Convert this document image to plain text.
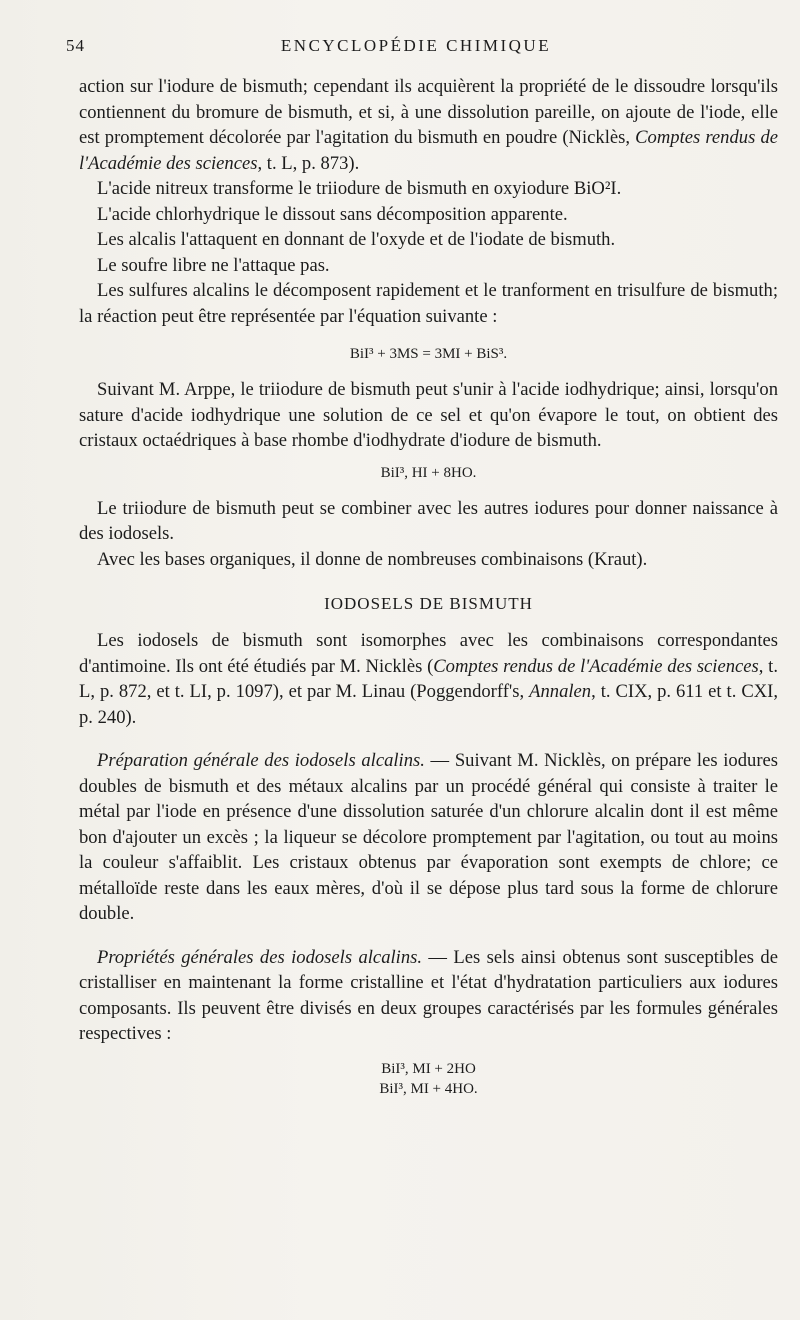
54	ENCYCLOPÉDIE CHIMIQUE

action sur l'iodure de bismuth; cependant ils acquièrent la propriété de le dissoudre lorsqu'ils contiennent du bromure de bismuth, et si, à une dissolution pareille, on ajoute de l'iode, elle est promptement décolorée par l'agitation du bismuth en poudre (Nicklès, Comptes rendus de l'Académie des sciences, t. L, p. 873).

L'acide nitreux transforme le triiodure de bismuth en oxyiodure BiO²I.

L'acide chlorhydrique le dissout sans décomposition apparente.

Les alcalis l'attaquent en donnant de l'oxyde et de l'iodate de bismuth.

Le soufre libre ne l'attaque pas.

Les sulfures alcalins le décomposent rapidement et le tranforment en trisulfure de bismuth; la réaction peut être représentée par l'équation suivante :

BiI³ + 3MS = 3MI + BiS³.

Suivant M. Arppe, le triiodure de bismuth peut s'unir à l'acide iodhydrique; ainsi, lorsqu'on sature d'acide iodhydrique une solution de ce sel et qu'on évapore le tout, on obtient des cristaux octaédriques à base rhombe d'iodhydrate d'iodure de bismuth.

BiI³, HI + 8HO.

Le triiodure de bismuth peut se combiner avec les autres iodures pour donner naissance à des iodosels.

Avec les bases organiques, il donne de nombreuses combinaisons (Kraut).

IODOSELS DE BISMUTH

Les iodosels de bismuth sont isomorphes avec les combinaisons correspondantes d'antimoine. Ils ont été étudiés par M. Nicklès (Comptes rendus de l'Académie des sciences, t. L, p. 872, et t. LI, p. 1097), et par M. Linau (Poggendorff's, Annalen, t. CIX, p. 611 et t. CXI, p. 240).

Préparation générale des iodosels alcalins. — Suivant M. Nicklès, on prépare les iodures doubles de bismuth et des métaux alcalins par un procédé général qui consiste à traiter le métal par l'iode en présence d'une dissolution saturée d'un chlorure alcalin dont il est même bon d'ajouter un excès ; la liqueur se décolore promptement par l'agitation, ou tout au moins la couleur s'affaiblit. Les cristaux obtenus par évaporation sont exempts de chlore; ce métalloïde reste dans les eaux mères, d'où il se dépose plus tard sous la forme de chlorure double.

Propriétés générales des iodosels alcalins. — Les sels ainsi obtenus sont susceptibles de cristalliser en maintenant la forme cristalline et l'état d'hydratation particuliers aux iodures composants. Ils peuvent être divisés en deux groupes caractérisés par les formules générales respectives :

BiI³, MI + 2HO
BiI³, MI + 4HO.
